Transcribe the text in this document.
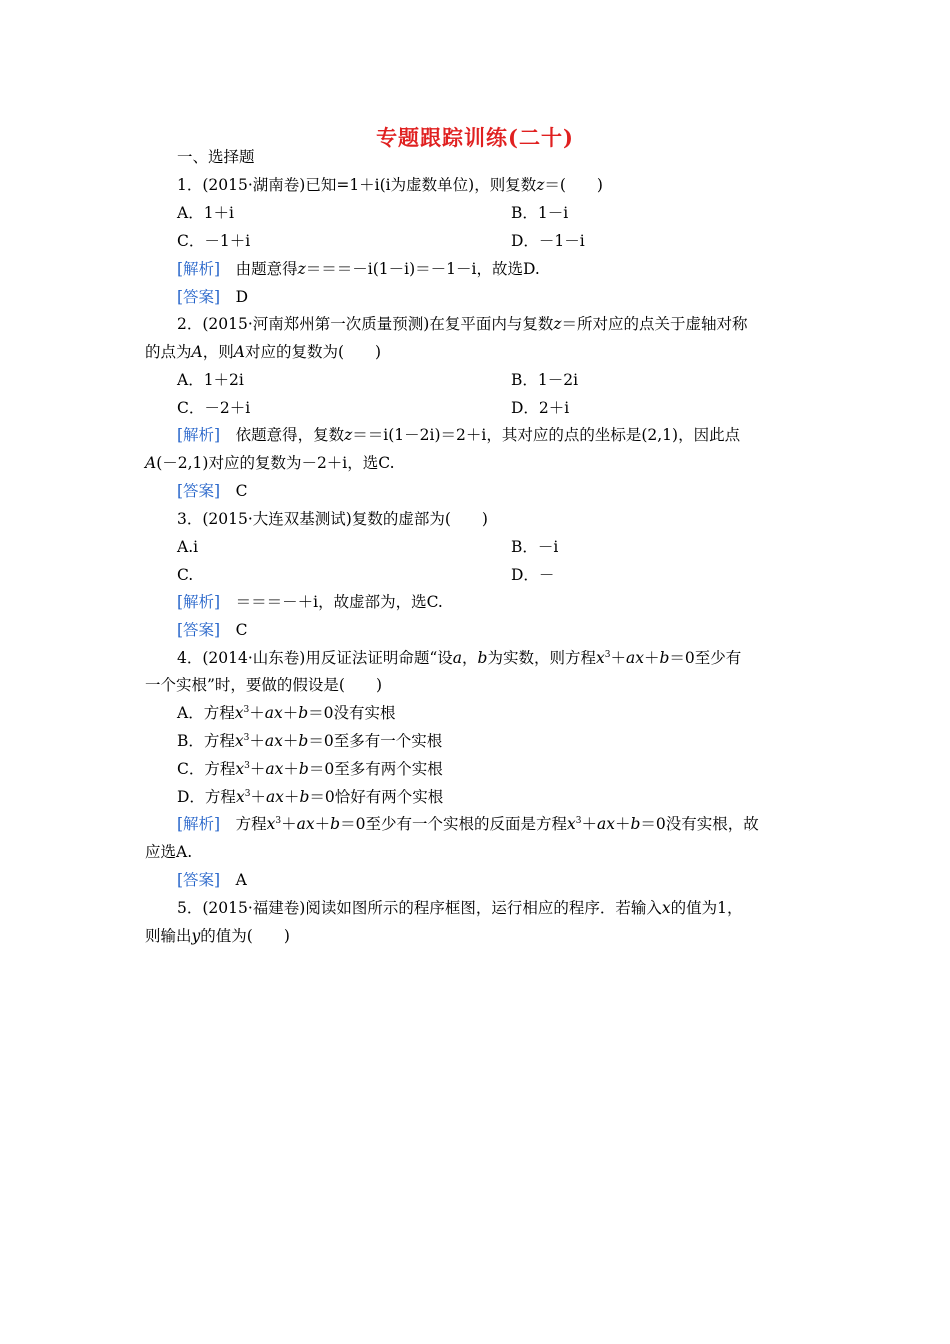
专题跟踪训练(二十)
一、选择题
1．(2015·湖南卷)已知=1＋i(i为虚数单位)，则复数z＝(　　)
A．1＋i	B．1－i
C．－1＋i	D．－1－i
[解析]　由题意得z＝＝＝－i(1－i)＝－1－i，故选D.
[答案]　D
2．(2015·河南郑州第一次质量预测)在复平面内与复数z＝所对应的点关于虚轴对称
的点为A，则A对应的复数为(　　)
A．1＋2i	B．1－2i
C．－2＋i	D．2＋i
[解析]　依题意得，复数z＝＝i(1－2i)＝2＋i，其对应的点的坐标是(2,1)，因此点
A(－2,1)对应的复数为－2＋i，选C.
[答案]　C
3．(2015·大连双基测试)复数的虚部为(　　)
A.i	B．－i
C.	D．－
[解析]　＝＝＝－＋i，故虚部为，选C.
[答案]　C
4．(2014·山东卷)用反证法证明命题“设a，b为实数，则方程$x^3+ax+b=0$至少有
一个实根”时，要做的假设是(　　)
A．方程$x^3+ax+b=0$没有实根
B．方程$x^3+ax+b=0$至多有一个实根
C．方程$x^3+ax+b=0$至多有两个实根
D．方程$x^3+ax+b=0$恰好有两个实根
[解析]　方程$x^3+ax+b=0$至少有一个实根的反面是方程$x^3+ax+b=0$没有实根，故
应选A.
[答案]　A
5．(2015·福建卷)阅读如图所示的程序框图，运行相应的程序．若输入x的值为1，
则输出y的值为(　　)
